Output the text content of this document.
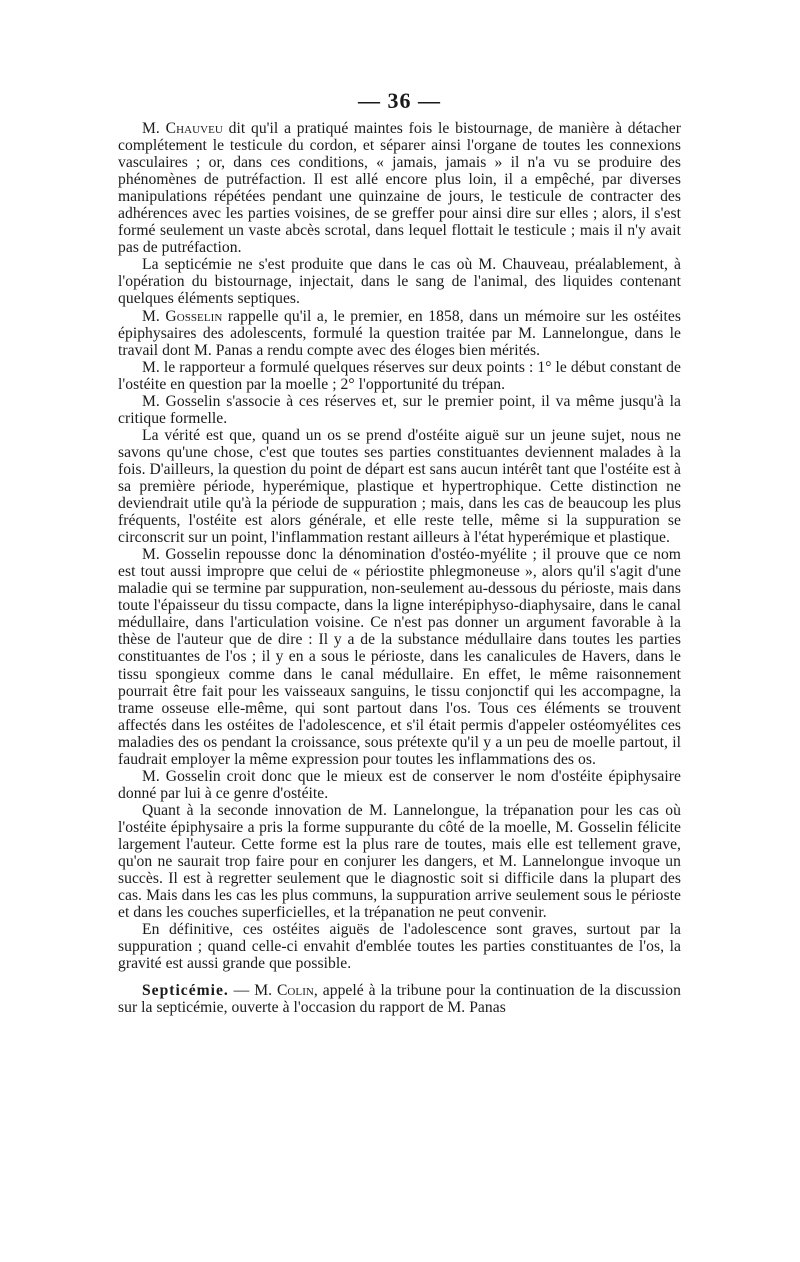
— 36 —

M. Chauveu dit qu'il a pratiqué maintes fois le bistournage, de manière à détacher complétement le testicule du cordon, et séparer ainsi l'organe de toutes les connexions vasculaires ; or, dans ces conditions, « jamais, jamais » il n'a vu se produire des phénomènes de putréfaction. Il est allé encore plus loin, il a empêché, par diverses manipulations répétées pendant une quinzaine de jours, le testicule de contracter des adhérences avec les parties voisines, de se greffer pour ainsi dire sur elles ; alors, il s'est formé seulement un vaste abcès scrotal, dans lequel flottait le testicule ; mais il n'y avait pas de putréfaction.

La septicémie ne s'est produite que dans le cas où M. Chauveau, préalablement, à l'opération du bistournage, injectait, dans le sang de l'animal, des liquides contenant quelques éléments septiques.

M. Gosselin rappelle qu'il a, le premier, en 1858, dans un mémoire sur les ostéites épiphysaires des adolescents, formulé la question traitée par M. Lannelongue, dans le travail dont M. Panas a rendu compte avec des éloges bien mérités.

M. le rapporteur a formulé quelques réserves sur deux points : 1° le début constant de l'ostéite en question par la moelle ; 2° l'opportunité du trépan.

M. Gosselin s'associe à ces réserves et, sur le premier point, il va même jusqu'à la critique formelle.

La vérité est que, quand un os se prend d'ostéite aiguë sur un jeune sujet, nous ne savons qu'une chose, c'est que toutes ses parties constituantes deviennent malades à la fois. D'ailleurs, la question du point de départ est sans aucun intérêt tant que l'ostéite est à sa première période, hyperémique, plastique et hypertrophique. Cette distinction ne deviendrait utile qu'à la période de suppuration ; mais, dans les cas de beaucoup les plus fréquents, l'ostéite est alors générale, et elle reste telle, même si la suppuration se circonscrit sur un point, l'inflammation restant ailleurs à l'état hyperémique et plastique.

M. Gosselin repousse donc la dénomination d'ostéo-myélite ; il prouve que ce nom est tout aussi impropre que celui de « périostite phlegmoneuse », alors qu'il s'agit d'une maladie qui se termine par suppuration, non-seulement au-dessous du périoste, mais dans toute l'épaisseur du tissu compacte, dans la ligne interépiphyso-diaphysaire, dans le canal médullaire, dans l'articulation voisine. Ce n'est pas donner un argument favorable à la thèse de l'auteur que de dire : Il y a de la substance médullaire dans toutes les parties constituantes de l'os ; il y en a sous le périoste, dans les canalicules de Havers, dans le tissu spongieux comme dans le canal médullaire. En effet, le même raisonnement pourrait être fait pour les vaisseaux sanguins, le tissu conjonctif qui les accompagne, la trame osseuse elle-même, qui sont partout dans l'os. Tous ces éléments se trouvent affectés dans les ostéites de l'adolescence, et s'il était permis d'appeler ostéomyélites ces maladies des os pendant la croissance, sous prétexte qu'il y a un peu de moelle partout, il faudrait employer la même expression pour toutes les inflammations des os.

M. Gosselin croit donc que le mieux est de conserver le nom d'ostéite épiphysaire donné par lui à ce genre d'ostéite.

Quant à la seconde innovation de M. Lannelongue, la trépanation pour les cas où l'ostéite épiphysaire a pris la forme suppurante du côté de la moelle, M. Gosselin félicite largement l'auteur. Cette forme est la plus rare de toutes, mais elle est tellement grave, qu'on ne saurait trop faire pour en conjurer les dangers, et M. Lannelongue invoque un succès. Il est à regretter seulement que le diagnostic soit si difficile dans la plupart des cas. Mais dans les cas les plus communs, la suppuration arrive seulement sous le périoste et dans les couches superficielles, et la trépanation ne peut convenir.

En définitive, ces ostéites aiguës de l'adolescence sont graves, surtout par la suppuration ; quand celle-ci envahit d'emblée toutes les parties constituantes de l'os, la gravité est aussi grande que possible.

Septicémie. — M. Colin, appelé à la tribune pour la continuation de la discussion sur la septicémie, ouverte à l'occasion du rapport de M. Panas
